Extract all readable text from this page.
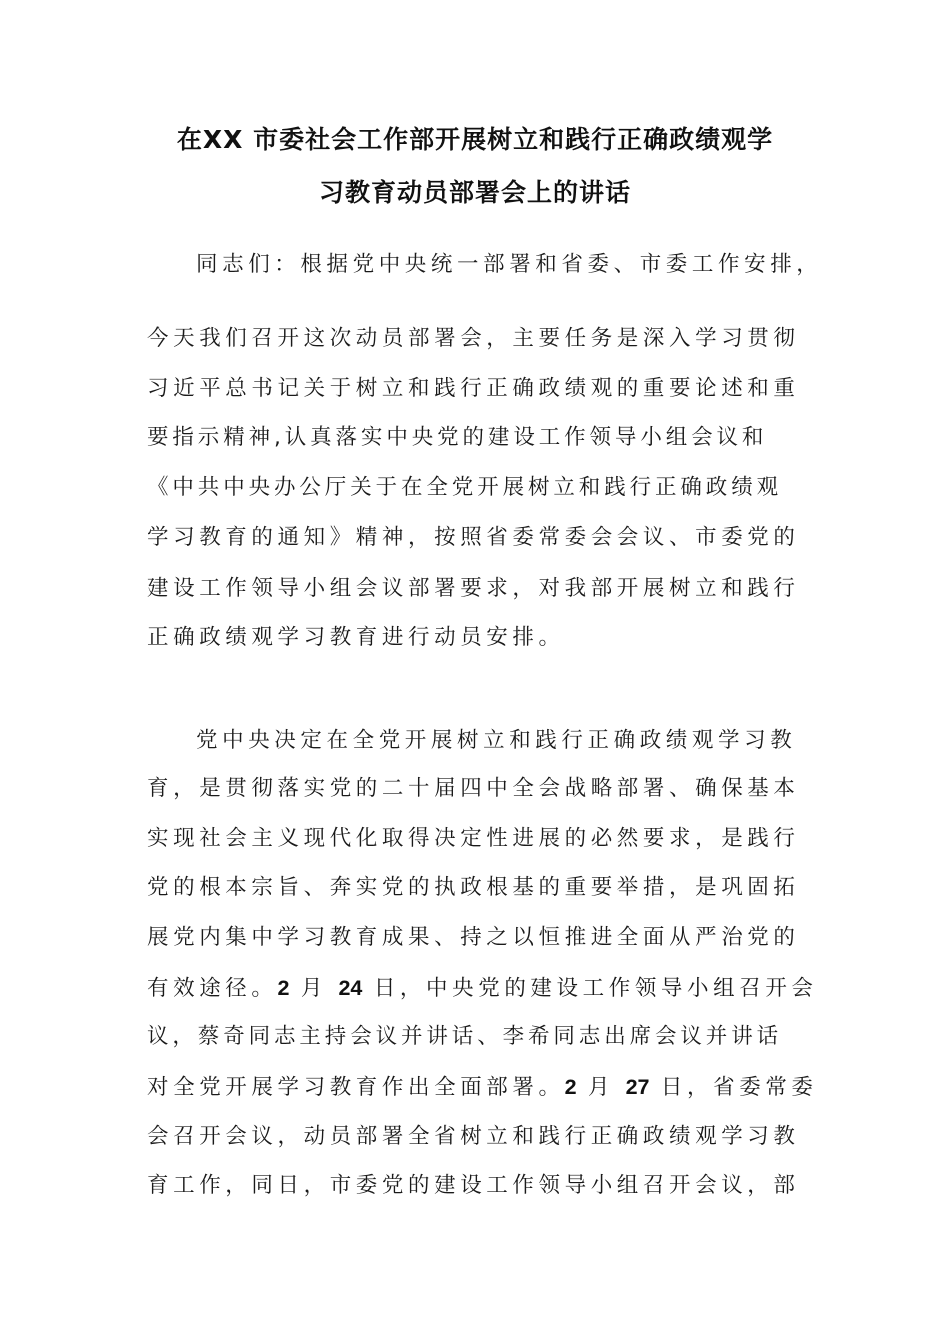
在XX 市委社会工作部开展树立和践行正确政绩观学
习教育动员部署会上的讲话
同志们：根据党中央统一部署和省委、市委工作安排，
今天我们召开这次动员部署会，主要任务是深入学习贯彻
习近平总书记关于树立和践行正确政绩观的重要论述和重
要指示精神,认真落实中央党的建设工作领导小组会议和
《中共中央办公厅关于在全党开展树立和践行正确政绩观
学习教育的通知》精神，按照省委常委会会议、市委党的
建设工作领导小组会议部署要求，对我部开展树立和践行
正确政绩观学习教育进行动员安排。
党中央决定在全党开展树立和践行正确政绩观学习教
育，是贯彻落实党的二十届四中全会战略部署、确保基本
实现社会主义现代化取得决定性进展的必然要求，是践行
党的根本宗旨、奔实党的执政根基的重要举措，是巩固拓
展党内集中学习教育成果、持之以恒推进全面从严治党的
有效途径。2 月 24 日，中央党的建设工作领导小组召开会
议，蔡奇同志主持会议并讲话、李希同志出席会议并讲话
对全党开展学习教育作出全面部署。2 月 27 日，省委常委
会召开会议，动员部署全省树立和践行正确政绩观学习教
育工作，同日，市委党的建设工作领导小组召开会议，部
